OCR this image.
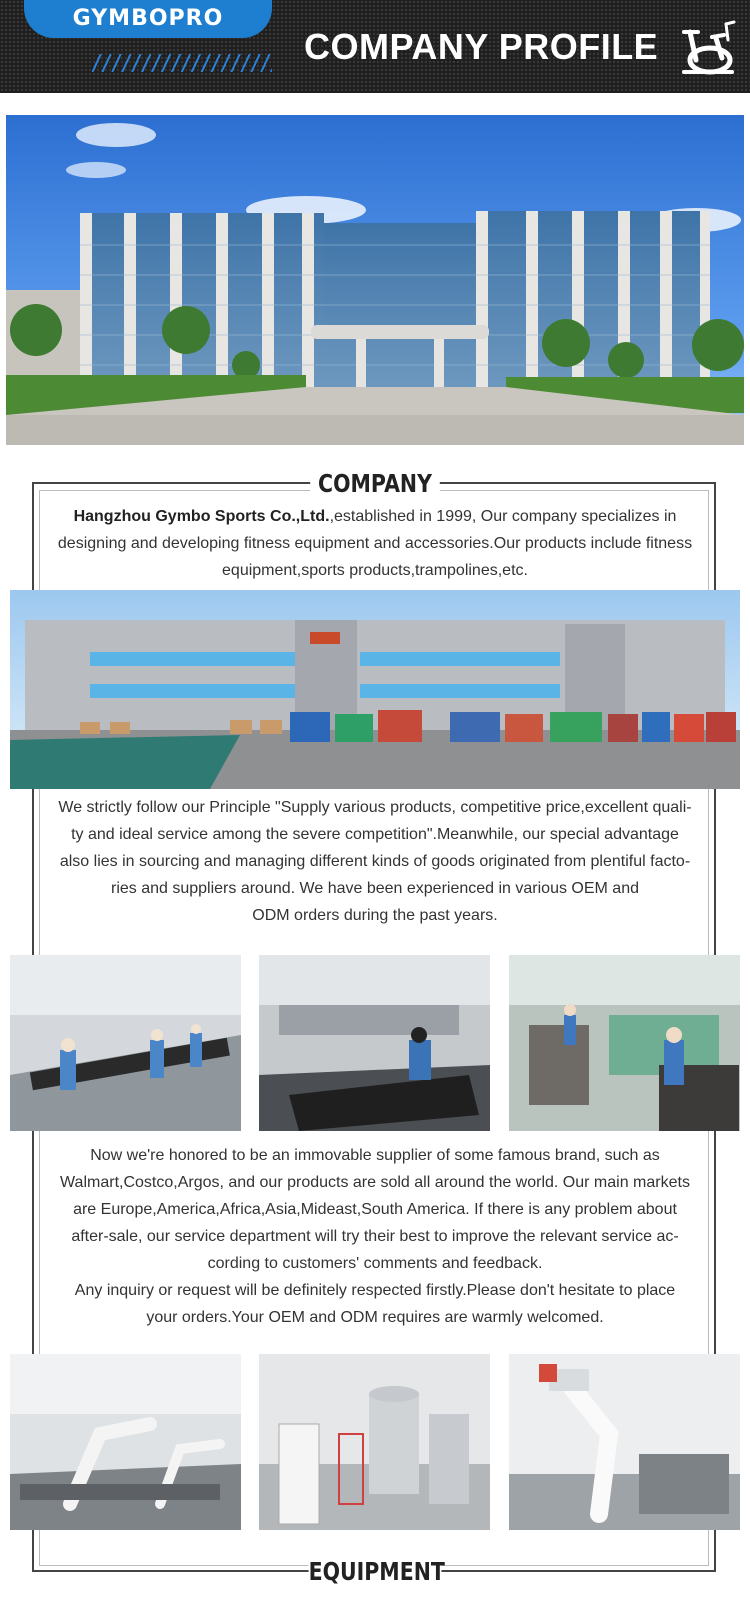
GYMBOPRO
COMPANY PROFILE
COMPANY
Hangzhou Gymbo Sports Co.,Ltd.,established in 1999, Our company specializes in
designing and developing fitness equipment and accessories.Our products include fitness
equipment,sports products,trampolines,etc.
We strictly follow our Principle "Supply various products, competitive price,excellent quali-
ty and ideal service among the severe competition".Meanwhile, our special advantage
also lies in sourcing and managing different kinds of goods originated from plentiful facto-
ries and suppliers around. We have been experienced in various OEM and
ODM orders during the past years.
Now we're honored to be an immovable supplier of some famous brand, such as
Walmart,Costco,Argos, and our products are sold all around the world. Our main markets
are Europe,America,Africa,Asia,Mideast,South America. If there is any problem about
after-sale, our service department will try their best to improve the relevant service ac-
cording to customers' comments and feedback.
Any inquiry or request will be definitely respected firstly.Please don't hesitate to place
your orders.Your OEM and ODM requires are warmly welcomed.
EQUIPMENT
